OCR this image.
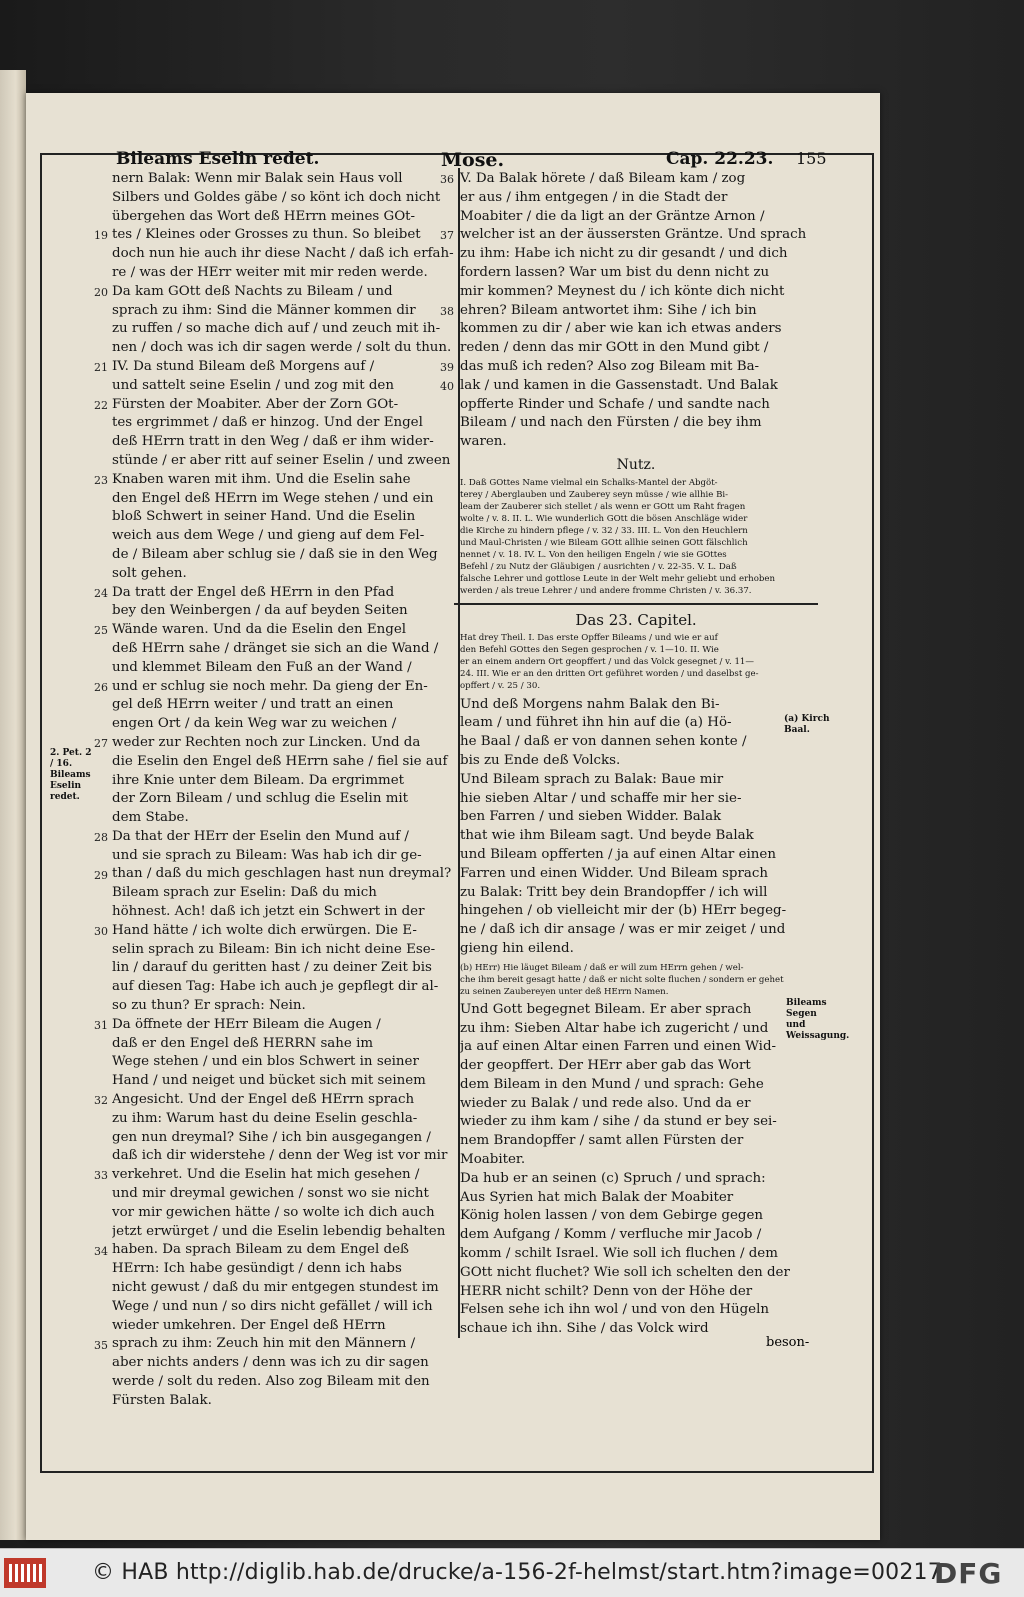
Bileams Eselin redet.	Mose.	Cap. 22.23. 155
nern Balak: Wenn mir Balak sein Haus voll
Silbers und Goldes gäbe / so könt ich doch nicht
übergehen das Wort deß HErrn meines GOt-
tes / Kleines oder Grosses zu thun. So bleibet
doch nun hie auch ihr diese Nacht / daß ich erfah-
re / was der HErr weiter mit mir reden werde.
Da kam GOtt deß Nachts zu Bileam / und
sprach zu ihm: Sind die Männer kommen dir
zu ruffen / so mache dich auf / und zeuch mit ih-
nen / doch was ich dir sagen werde / solt du thun.
IV. Da stund Bileam deß Morgens auf /
und sattelt seine Eselin / und zog mit den
Fürsten der Moabiter. Aber der Zorn GOt-
tes ergrimmet / daß er hinzog. Und der Engel
deß HErrn tratt in den Weg / daß er ihm wider-
stünde / er aber ritt auf seiner Eselin / und zween
Knaben waren mit ihm. Und die Eselin sahe
den Engel deß HErrn im Wege stehen / und ein
bloß Schwert in seiner Hand. Und die Eselin
weich aus dem Wege / und gieng auf dem Fel-
de / Bileam aber schlug sie / daß sie in den Weg
solt gehen.
Da tratt der Engel deß HErrn in den Pfad
bey den Weinbergen / da auf beyden Seiten
Wände waren. Und da die Eselin den Engel
deß HErrn sahe / dränget sie sich an die Wand /
und klemmet Bileam den Fuß an der Wand /
und er schlug sie noch mehr. Da gieng der En-
gel deß HErrn weiter / und tratt an einen
engen Ort / da kein Weg war zu weichen /
weder zur Rechten noch zur Lincken. Und da
die Eselin den Engel deß HErrn sahe / fiel sie auf
ihre Knie unter dem Bileam. Da ergrimmet
der Zorn Bileam / und schlug die Eselin mit
dem Stabe.
Da that der HErr der Eselin den Mund auf /
und sie sprach zu Bileam: Was hab ich dir ge-
than / daß du mich geschlagen hast nun dreymal?
Bileam sprach zur Eselin: Daß du mich
höhnest. Ach! daß ich jetzt ein Schwert in der
Hand hätte / ich wolte dich erwürgen. Die E-
selin sprach zu Bileam: Bin ich nicht deine Ese-
lin / darauf du geritten hast / zu deiner Zeit bis
auf diesen Tag: Habe ich auch je gepflegt dir al-
so zu thun? Er sprach: Nein.
Da öffnete der HErr Bileam die Augen /
daß er den Engel deß HERRN sahe im
Wege stehen / und ein blos Schwert in seiner
Hand / und neiget und bücket sich mit seinem
Angesicht. Und der Engel deß HErrn sprach
zu ihm: Warum hast du deine Eselin geschla-
gen nun dreymal? Sihe / ich bin ausgegangen /
daß ich dir widerstehe / denn der Weg ist vor mir
verkehret. Und die Eselin hat mich gesehen /
und mir dreymal gewichen / sonst wo sie nicht
vor mir gewichen hätte / so wolte ich dich auch
jetzt erwürget / und die Eselin lebendig behalten
haben. Da sprach Bileam zu dem Engel deß
HErrn: Ich habe gesündigt / denn ich habs
nicht gewust / daß du mir entgegen stundest im
Wege / und nun / so dirs nicht gefället / will ich
wieder umkehren. Der Engel deß HErrn
sprach zu ihm: Zeuch hin mit den Männern /
aber nichts anders / denn was ich zu dir sagen
werde / solt du reden. Also zog Bileam mit den
Fürsten Balak.
19
20
21
22
23
24
25
26
27
28
29
30
31
32
33
34
35
V. Da Balak hörete / daß Bileam kam / zog
er aus / ihm entgegen / in die Stadt der
Moabiter / die da ligt an der Gräntze Arnon /
welcher ist an der äussersten Gräntze. Und sprach
zu ihm: Habe ich nicht zu dir gesandt / und dich
fordern lassen? War um bist du denn nicht zu
mir kommen? Meynest du / ich könte dich nicht
ehren? Bileam antwortet ihm: Sihe / ich bin
kommen zu dir / aber wie kan ich etwas anders
reden / denn das mir GOtt in den Mund gibt /
das muß ich reden? Also zog Bileam mit Ba-
lak / und kamen in die Gassenstadt. Und Balak
opfferte Rinder und Schafe / und sandte nach
Bileam / und nach den Fürsten / die bey ihm
waren.
Nutz.
I. Daß GOttes Name vielmal ein Schalks-Mantel der Abgöt-
terey / Aberglauben und Zauberey seyn müsse / wie allhie Bi-
leam der Zauberer sich stellet / als wenn er GOtt um Raht fragen
wolte / v. 8. II. L. Wie wunderlich GOtt die bösen Anschläge wider
die Kirche zu hindern pflege / v. 32 / 33. III. L. Von den Heuchlern
und Maul-Christen / wie Bileam GOtt allhie seinen GOtt fälschlich
nennet / v. 18. IV. L. Von den heiligen Engeln / wie sie GOttes
Befehl / zu Nutz der Gläubigen / ausrichten / v. 22-35. V. L. Daß
falsche Lehrer und gottlose Leute in der Welt mehr geliebt und erhoben
werden / als treue Lehrer / und andere fromme Christen / v. 36.37.
Das 23. Capitel.
Hat drey Theil. I. Das erste Opffer Bileams / und wie er auf
den Befehl GOttes den Segen gesprochen / v. 1—10. II. Wie
er an einem andern Ort geopffert / und das Volck gesegnet / v. 11—
24. III. Wie er an den dritten Ort geführet worden / und daselbst ge-
opffert / v. 25 / 30.
Und deß Morgens nahm Balak den Bi-
leam / und führet ihn hin auf die (a) Hö-
he Baal / daß er von dannen sehen konte /
bis zu Ende deß Volcks.
Und Bileam sprach zu Balak: Baue mir
hie sieben Altar / und schaffe mir her sie-
ben Farren / und sieben Widder. Balak
that wie ihm Bileam sagt. Und beyde Balak
und Bileam opfferten / ja auf einen Altar einen
Farren und einen Widder. Und Bileam sprach
zu Balak: Tritt bey dein Brandopffer / ich will
hingehen / ob vielleicht mir der (b) HErr begeg-
ne / daß ich dir ansage / was er mir zeiget / und
gieng hin eilend.
(b) HErr) Hie läuget Bileam / daß er will zum HErrn gehen / wel-
che ihm bereit gesagt hatte / daß er nicht solte fluchen / sondern er gehet
zu seinen Zaubereyen unter deß HErrn Namen.
Und Gott begegnet Bileam. Er aber sprach
zu ihm: Sieben Altar habe ich zugericht / und
ja auf einen Altar einen Farren und einen Wid-
der geopffert. Der HErr aber gab das Wort
dem Bileam in den Mund / und sprach: Gehe
wieder zu Balak / und rede also. Und da er
wieder zu ihm kam / sihe / da stund er bey sei-
nem Brandopffer / samt allen Fürsten der
Moabiter.
Da hub er an seinen (c) Spruch / und sprach:
Aus Syrien hat mich Balak der Moabiter
König holen lassen / von dem Gebirge gegen
dem Aufgang / Komm / verfluche mir Jacob /
komm / schilt Israel. Wie soll ich fluchen / dem
GOtt nicht fluchet? Wie soll ich schelten den der
HERR nicht schilt? Denn von der Höhe der
Felsen sehe ich ihn wol / und von den Hügeln
schaue ich ihn. Sihe / das Volck wird
36
37
38
39
40
2. Pet. 2 / 16. Bileams Eselin redet.
(a) Kirch Baal.
Bileams Segen und Weissagung.
beson-
© HAB http://diglib.hab.de/drucke/a-156-2f-helmst/start.htm?image=00217
DFG
